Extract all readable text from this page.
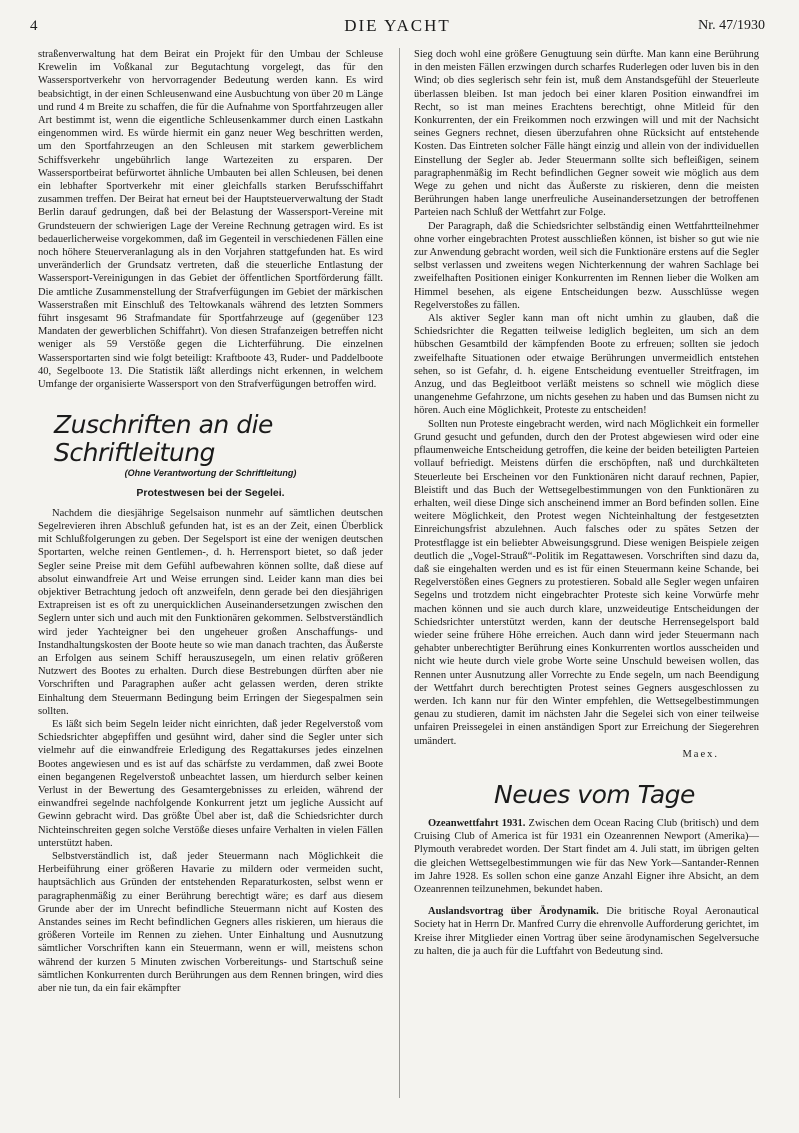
4	DIE YACHT	Nr. 47/1930

straßenverwaltung hat dem Beirat ein Projekt für den Umbau der Schleuse Krewelin im Voßkanal zur Begutachtung vorgelegt, das für den Wassersportverkehr von hervorragender Bedeutung werden kann. Es wird beabsichtigt, in der einen Schleusenwand eine Ausbuchtung von über 20 m Länge und rund 4 m Breite zu schaffen, die für die Aufnahme von Sportfahrzeugen aller Art bestimmt ist, wenn die eigentliche Schleusenkammer durch einen Lastkahn eingenommen wird. Es würde hiermit ein ganz neuer Weg beschritten werden, um den Sportfahrzeugen an den Schleusen mit starkem gewerblichem Schiffsverkehr ungebührlich lange Wartezeiten zu ersparen. Der Wassersportbeirat befürwortet ähnliche Umbauten bei allen Schleusen, bei denen ein lebhafter Sportverkehr mit einer gleichfalls starken Berufsschiffahrt zusammen treffen. Der Beirat hat erneut bei der Hauptsteuerverwaltung der Stadt Berlin darauf gedrungen, daß bei der Belastung der Wassersport-Vereine mit Grundsteuern der schwierigen Lage der Vereine Rechnung getragen wird. Es ist bedauerlicherweise vorgekommen, daß im Gegenteil in verschiedenen Fällen eine noch höhere Steuerveranlagung als in den Vorjahren stattgefunden hat. Es wird unveränderlich der Grundsatz vertreten, daß die steuerliche Entlastung der Wassersport-Vereinigungen in das Gebiet der öffentlichen Sportförderung fällt. Die amtliche Zusammenstellung der Strafverfügungen im Gebiet der märkischen Wasserstraßen mit Einschluß des Teltowkanals während des letzten Sommers führt insgesamt 96 Strafmandate für Sportfahrzeuge auf (gegenüber 123 Mandaten der gewerblichen Schiffahrt). Von diesen Strafanzeigen betreffen nicht weniger als 59 Verstöße gegen die Lichterführung. Die einzelnen Wassersportarten sind wie folgt beteiligt: Kraftboote 43, Ruder- und Paddelboote 40, Segelboote 13. Die Statistik läßt allerdings nicht erkennen, in welchem Umfange der organisierte Wassersport von den Strafverfügungen betroffen wird.

Zuschriften an die Schriftleitung
(Ohne Verantwortung der Schriftleitung)
Protestwesen bei der Segelei.

Nachdem die diesjährige Segelsaison nunmehr auf sämtlichen deutschen Segelrevieren ihren Abschluß gefunden hat, ist es an der Zeit, einen Überblick mit Schlußfolgerungen zu geben. Der Segelsport ist eine der wenigen deutschen Sportarten, welche reinen Gentlemen-, d. h. Herrensport bietet, so daß jeder Segler seine Preise mit dem Gefühl aufbewahren können sollte, daß diese auf absolut einwandfreie Art und Weise errungen sind. Leider kann man dies bei objektiver Betrachtung jedoch oft anzweifeln, denn gerade bei den diesjährigen Extrapreisen ist es oft zu unerquicklichen Auseinandersetzungen zwischen den Seglern unter sich und auch mit den Funktionären gekommen. Selbstverständlich wird jeder Yachteigner bei den ungeheuer großen Anschaffungs- und Instandhaltungskosten der Boote heute so wie man danach trachten, das Äußerste an Erfolgen aus seinem Schiff herauszusegeln, um einen relativ größeren Nutzwert des Bootes zu erhalten. Durch diese Bestrebungen dürften aber nie Vorschriften und Paragraphen außer acht gelassen werden, deren strikte Einhaltung dem Steuermann Bedingung beim Erringen der Siegespalmen sein sollten.

Es läßt sich beim Segeln leider nicht einrichten, daß jeder Regelverstoß vom Schiedsrichter abgepfiffen und gesühnt wird, daher sind die Segler unter sich vielmehr auf die einwandfreie Erledigung des Regattakurses jedes einzelnen Bootes angewiesen und es ist auf das schärfste zu verdammen, daß zwei Boote einen begangenen Regelverstoß unbeachtet lassen, um hierdurch selber keinen Verlust in der Bewertung des Gesamtergebnisses zu erleiden, während der einwandfrei segelnde nachfolgende Konkurrent jetzt um jegliche Aussicht auf Gewinn gebracht wird. Das größte Übel aber ist, daß die Schiedsrichter durch Nichteinschreiten gegen solche Verstöße dieses unfaire Verhalten in vielen Fällen unterstützt haben.

Selbstverständlich ist, daß jeder Steuermann nach Möglichkeit die Herbeiführung einer größeren Havarie zu mildern oder vermeiden sucht, hauptsächlich aus Gründen der entstehenden Reparaturkosten, selbst wenn er paragraphenmäßig zu einer Berührung berechtigt wäre; es darf aus diesem Grunde aber der im Unrecht befindliche Steuermann nicht auf Kosten des Anstandes seines im Recht befindlichen Gegners alles riskieren, um hieraus die größeren Vorteile im Rennen zu ziehen. Unter Einhaltung und Ausnutzung sämtlicher Vorschriften kann ein Steuermann, wenn er will, meistens schon während der kurzen 5 Minuten zwischen Vorbereitungs- und Startschuß seine sämtlichen Konkurrenten durch Berührungen aus dem Rennen bringen, wird dies aber nie tun, da ein fair ekämpfter

Sieg doch wohl eine größere Genugtuung sein dürfte. Man kann eine Berührung in den meisten Fällen erzwingen durch scharfes Ruderlegen oder luven bis in den Wind; ob dies seglerisch sehr fein ist, muß dem Anstandsgefühl der Steuerleute überlassen bleiben. Ist man jedoch bei einer klaren Position einwandfrei im Recht, so ist man meines Erachtens berechtigt, ohne Mitleid für den Konkurrenten, der ein Freikommen noch erzwingen will und mit der Nachsicht seines Gegners rechnet, diesen überzufahren ohne Rücksicht auf entstehende Kosten. Das Eintreten solcher Fälle hängt einzig und allein von der individuellen Einstellung der Segler ab. Jeder Steuermann sollte sich befleißigen, seinem paragraphenmäßig im Recht befindlichen Gegner soweit wie möglich aus dem Wege zu gehen und nicht das Äußerste zu riskieren, denn die meisten Berührungen haben lange unerfreuliche Auseinandersetzungen der betroffenen Parteien nach Schluß der Wettfahrt zur Folge.

Der Paragraph, daß die Schiedsrichter selbständig einen Wettfahrtteilnehmer ohne vorher eingebrachten Protest ausschließen können, ist bisher so gut wie nie zur Anwendung gebracht worden, weil sich die Funktionäre erstens auf die Segler selbst verlassen und zweitens wegen Nichterkennung der wahren Sachlage bei zweifelhaften Positionen einiger Konkurrenten im Rennen lieber die Wolken am Himmel besehen, als eigene Entscheidungen bezw. Ausschlüsse wegen Regelverstoßes zu fällen.

Als aktiver Segler kann man oft nicht umhin zu glauben, daß die Schiedsrichter die Regatten teilweise lediglich begleiten, um sich an dem hübschen Gesamtbild der kämpfenden Boote zu erfreuen; sollten sie jedoch zweifelhafte Situationen oder etwaige Berührungen unvermeidlich entstehen sehen, so ist Gefahr, d. h. eigene Entscheidung eventueller Streitfragen, im Anzug, und das Begleitboot verläßt meistens so schnell wie möglich diese unangenehme Gefahrzone, um nichts gesehen zu haben und das Bumsen nicht zu hören. Auch eine Möglichkeit, Proteste zu entscheiden!

Sollten nun Proteste eingebracht werden, wird nach Möglichkeit ein formeller Grund gesucht und gefunden, durch den der Protest abgewiesen wird oder eine pflaumenweiche Entscheidung getroffen, die keine der beiden beteiligten Parteien vollauf befriedigt. Meistens dürfen die erschöpften, naß und durchkälteten Steuerleute bei Erscheinen vor den Funktionären nicht darauf rechnen, Papier, Bleistift und das Buch der Wettsegelbestimmungen von den Funktionären zu erhalten, weil diese Dinge sich anscheinend immer an Bord befinden sollen. Eine weitere Möglichkeit, den Protest wegen Nichteinhaltung der festgesetzten Einreichungsfrist abzulehnen. Auch falsches oder zu spätes Setzen der Protestflagge ist ein beliebter Abweisungsgrund. Diese wenigen Beispiele zeigen deutlich die „Vogel-Strauß“-Politik im Regattawesen. Vorschriften sind dazu da, daß sie eingehalten werden und es ist für einen Steuermann keine Schande, bei Regelverstößen eines Gegners zu protestieren. Sobald alle Segler wegen unfairen Segelns und trotzdem nicht eingebrachter Proteste sich keine Vorwürfe mehr machen können und sie auch durch klare, unzweideutige Entscheidungen der Schiedsrichter unterstützt werden, kann der deutsche Herrensegelsport bald wieder seine frühere Höhe erreichen. Auch dann wird jeder Steuermann nach gehabter unberechtigter Berührung eines Konkurrenten wortlos ausscheiden und nicht wie heute durch viele grobe Worte seine Unschuld beweisen wollen, das Rennen unter Ausnutzung aller Vorrechte zu Ende segeln, um nach Beendigung der Wettfahrt durch berechtigten Protest seines Gegners ausgeschlossen zu werden. Ich kann nur für den Winter empfehlen, die Wettsegelbestimmungen genau zu studieren, damit im nächsten Jahr die Segelei sich von einer teilweise unfairen Preissegelei in einen anständigen Sport zur Erreichung der Siegerehren umändert.

Maex.

Neues vom Tage

Ozeanwettfahrt 1931. Zwischen dem Ocean Racing Club (britisch) und dem Cruising Club of America ist für 1931 ein Ozeanrennen Newport (Amerika)—Plymouth verabredet worden. Der Start findet am 4. Juli statt, im übrigen gelten die gleichen Wettsegelbestimmungen wie für das New York—Santander-Rennen im Jahre 1928. Es sollen schon eine ganze Anzahl Eigner ihre Absicht, an dem Ozeanrennen teilzunehmen, bekundet haben.

Auslandsvortrag über Ärodynamik. Die britische Royal Aeronautical Society hat in Herrn Dr. Manfred Curry die ehrenvolle Aufforderung gerichtet, im Kreise ihrer Mitglieder einen Vortrag über seine ärodynamischen Segelversuche zu halten, die ja auch für die Luftfahrt von Bedeutung sind.
